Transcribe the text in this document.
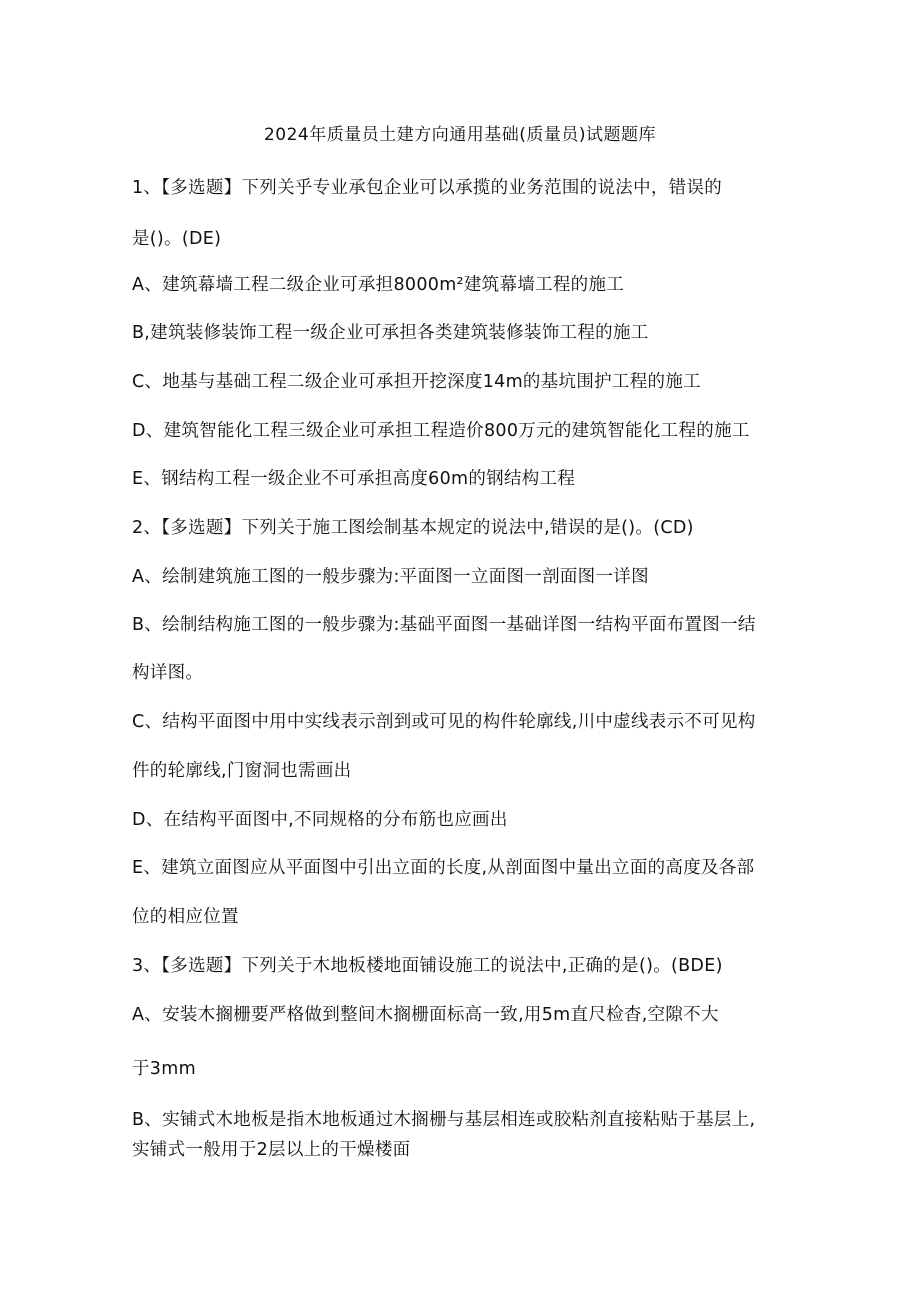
2024年质量员土建方向通用基础(质量员)试题题库
1、【多选题】下列关乎专业承包企业可以承揽的业务范围的说法中，错误的
是()。(DE)
A、建筑幕墙工程二级企业可承担8000m²建筑幕墙工程的施工
B,建筑装修装饰工程一级企业可承担各类建筑装修装饰工程的施工
C、地基与基础工程二级企业可承担开挖深度14m的基坑围护工程的施工
D、建筑智能化工程三级企业可承担工程造价800万元的建筑智能化工程的施工
E、钢结构工程一级企业不可承担高度60m的钢结构工程
2、【多选题】下列关于施工图绘制基本规定的说法中,错误的是()。(CD)
A、绘制建筑施工图的一般步骤为:平面图一立面图一剖面图一详图
B、绘制结构施工图的一般步骤为:基础平面图一基础详图一结构平面布置图一结
构详图。
C、结构平面图中用中实线表示剖到或可见的构件轮廓线,川中虚线表示不可见构
件的轮廓线,门窗洞也需画出
D、在结构平面图中,不同规格的分布筋也应画出
E、建筑立面图应从平面图中引出立面的长度,从剖面图中量出立面的高度及各部
位的相应位置
3、【多选题】下列关于木地板楼地面铺设施工的说法中,正确的是()。(BDE)
A、安装木搁栅要严格做到整间木搁栅面标高一致,用5m直尺检杳,空隙不大
于3mm
B、实铺式木地板是指木地板通过木搁栅与基层相连或胶粘剂直接粘贴于基层上,
实铺式一般用于2层以上的干燥楼面
